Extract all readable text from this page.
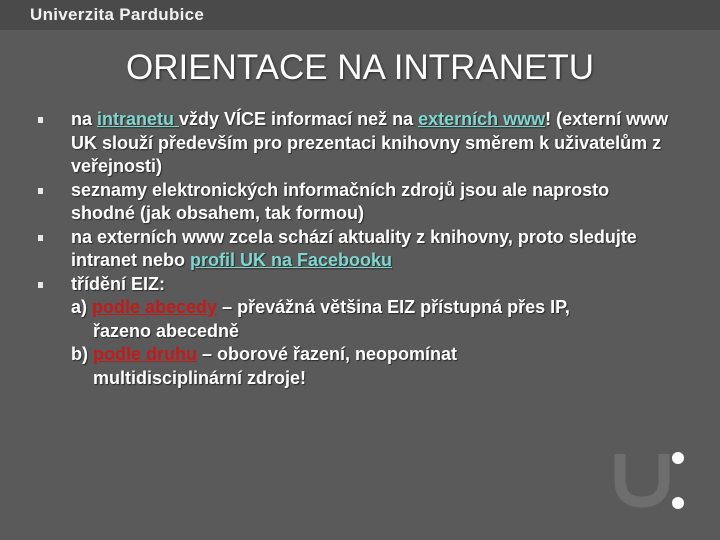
Univerzita Pardubice
ORIENTACE NA INTRANETU
na intranetu vždy VÍCE informací než na externích www! (externí www UK slouží především pro prezentaci knihovny směrem k uživatelům z veřejnosti)
seznamy elektronických informačních zdrojů jsou ale naprosto shodné (jak obsahem, tak formou)
na externích www zcela schází aktuality z knihovny, proto sledujte intranet nebo profil UK na Facebooku
třídění EIZ:
a) podle abecedy – převážná většina EIZ přístupná přes IP,
řazeno abecedně
b) podle druhu – oborové řazení, neopomínat
multidisciplinární zdroje!
